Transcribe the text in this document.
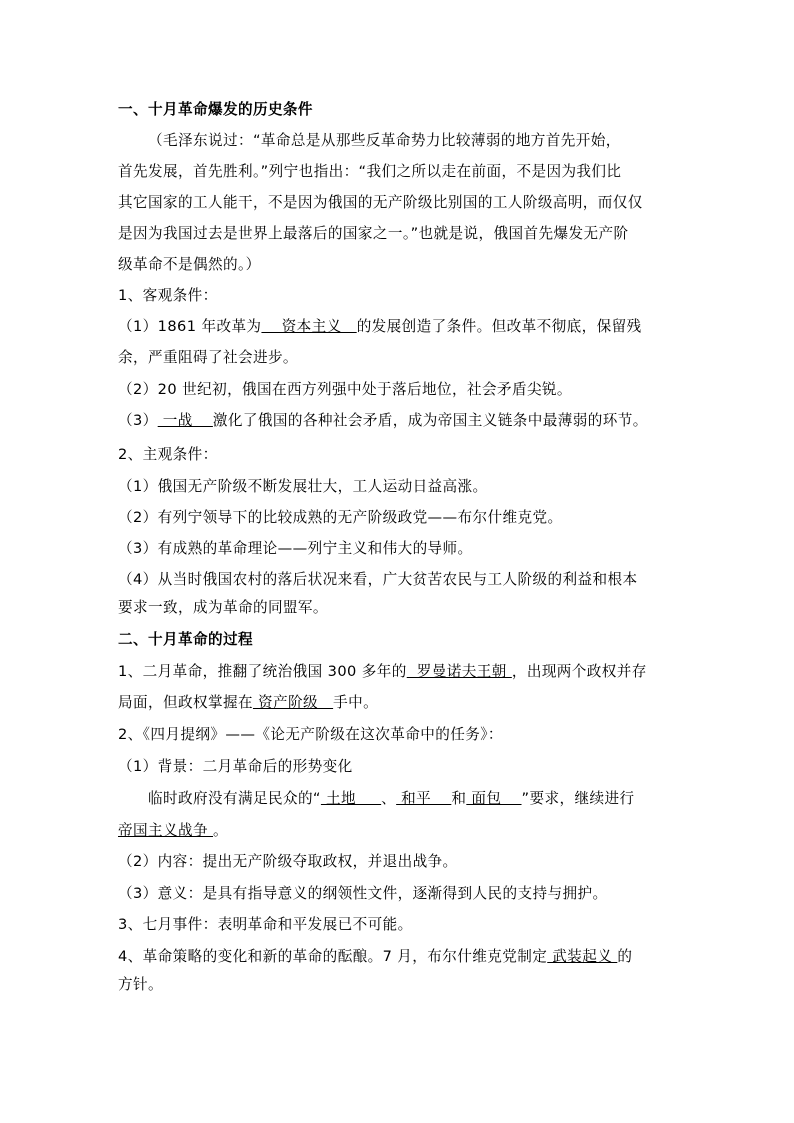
一、十月革命爆发的历史条件
（毛泽东说过：“革命总是从那些反革命势力比较薄弱的地方首先开始，
首先发展，首先胜利。”列宁也指出：“我们之所以走在前面，不是因为我们比
其它国家的工人能干，不是因为俄国的无产阶级比别国的工人阶级高明，而仅仅
是因为我国过去是世界上最落后的国家之一。”也就是说，俄国首先爆发无产阶
级革命不是偶然的。）
1、客观条件：
（1）1861 年改革为    资本主义   的发展创造了条件。但改革不彻底，保留残
余，严重阻碍了社会进步。
（2）20 世纪初，俄国在西方列强中处于落后地位，社会矛盾尖锐。
（3） 一战    激化了俄国的各种社会矛盾，成为帝国主义链条中最薄弱的环节。
2、主观条件：
（1）俄国无产阶级不断发展壮大，工人运动日益高涨。
（2）有列宁领导下的比较成熟的无产阶级政党——布尔什维克党。
（3）有成熟的革命理论——列宁主义和伟大的导师。
（4）从当时俄国农村的落后状况来看，广大贫苦农民与工人阶级的利益和根本
要求一致，成为革命的同盟军。
二、十月革命的过程
1、二月革命，推翻了统治俄国 300 多年的  罗曼诺夫王朝 ，出现两个政权并存
局面，但政权掌握在 资产阶级   手中。
2、《四月提纲》——《论无产阶级在这次革命中的任务》：
（1）背景：二月革命后的形势变化
临时政府没有满足民众的“ 土地     、 和平    和 面包    ”要求，继续进行
帝国主义战争 。
（2）内容：提出无产阶级夺取政权，并退出战争。
（3）意义：是具有指导意义的纲领性文件，逐渐得到人民的支持与拥护。
3、七月事件：表明革命和平发展已不可能。
4、革命策略的变化和新的革命的酝酿。7 月，布尔什维克党制定 武装起义 的
方针。
